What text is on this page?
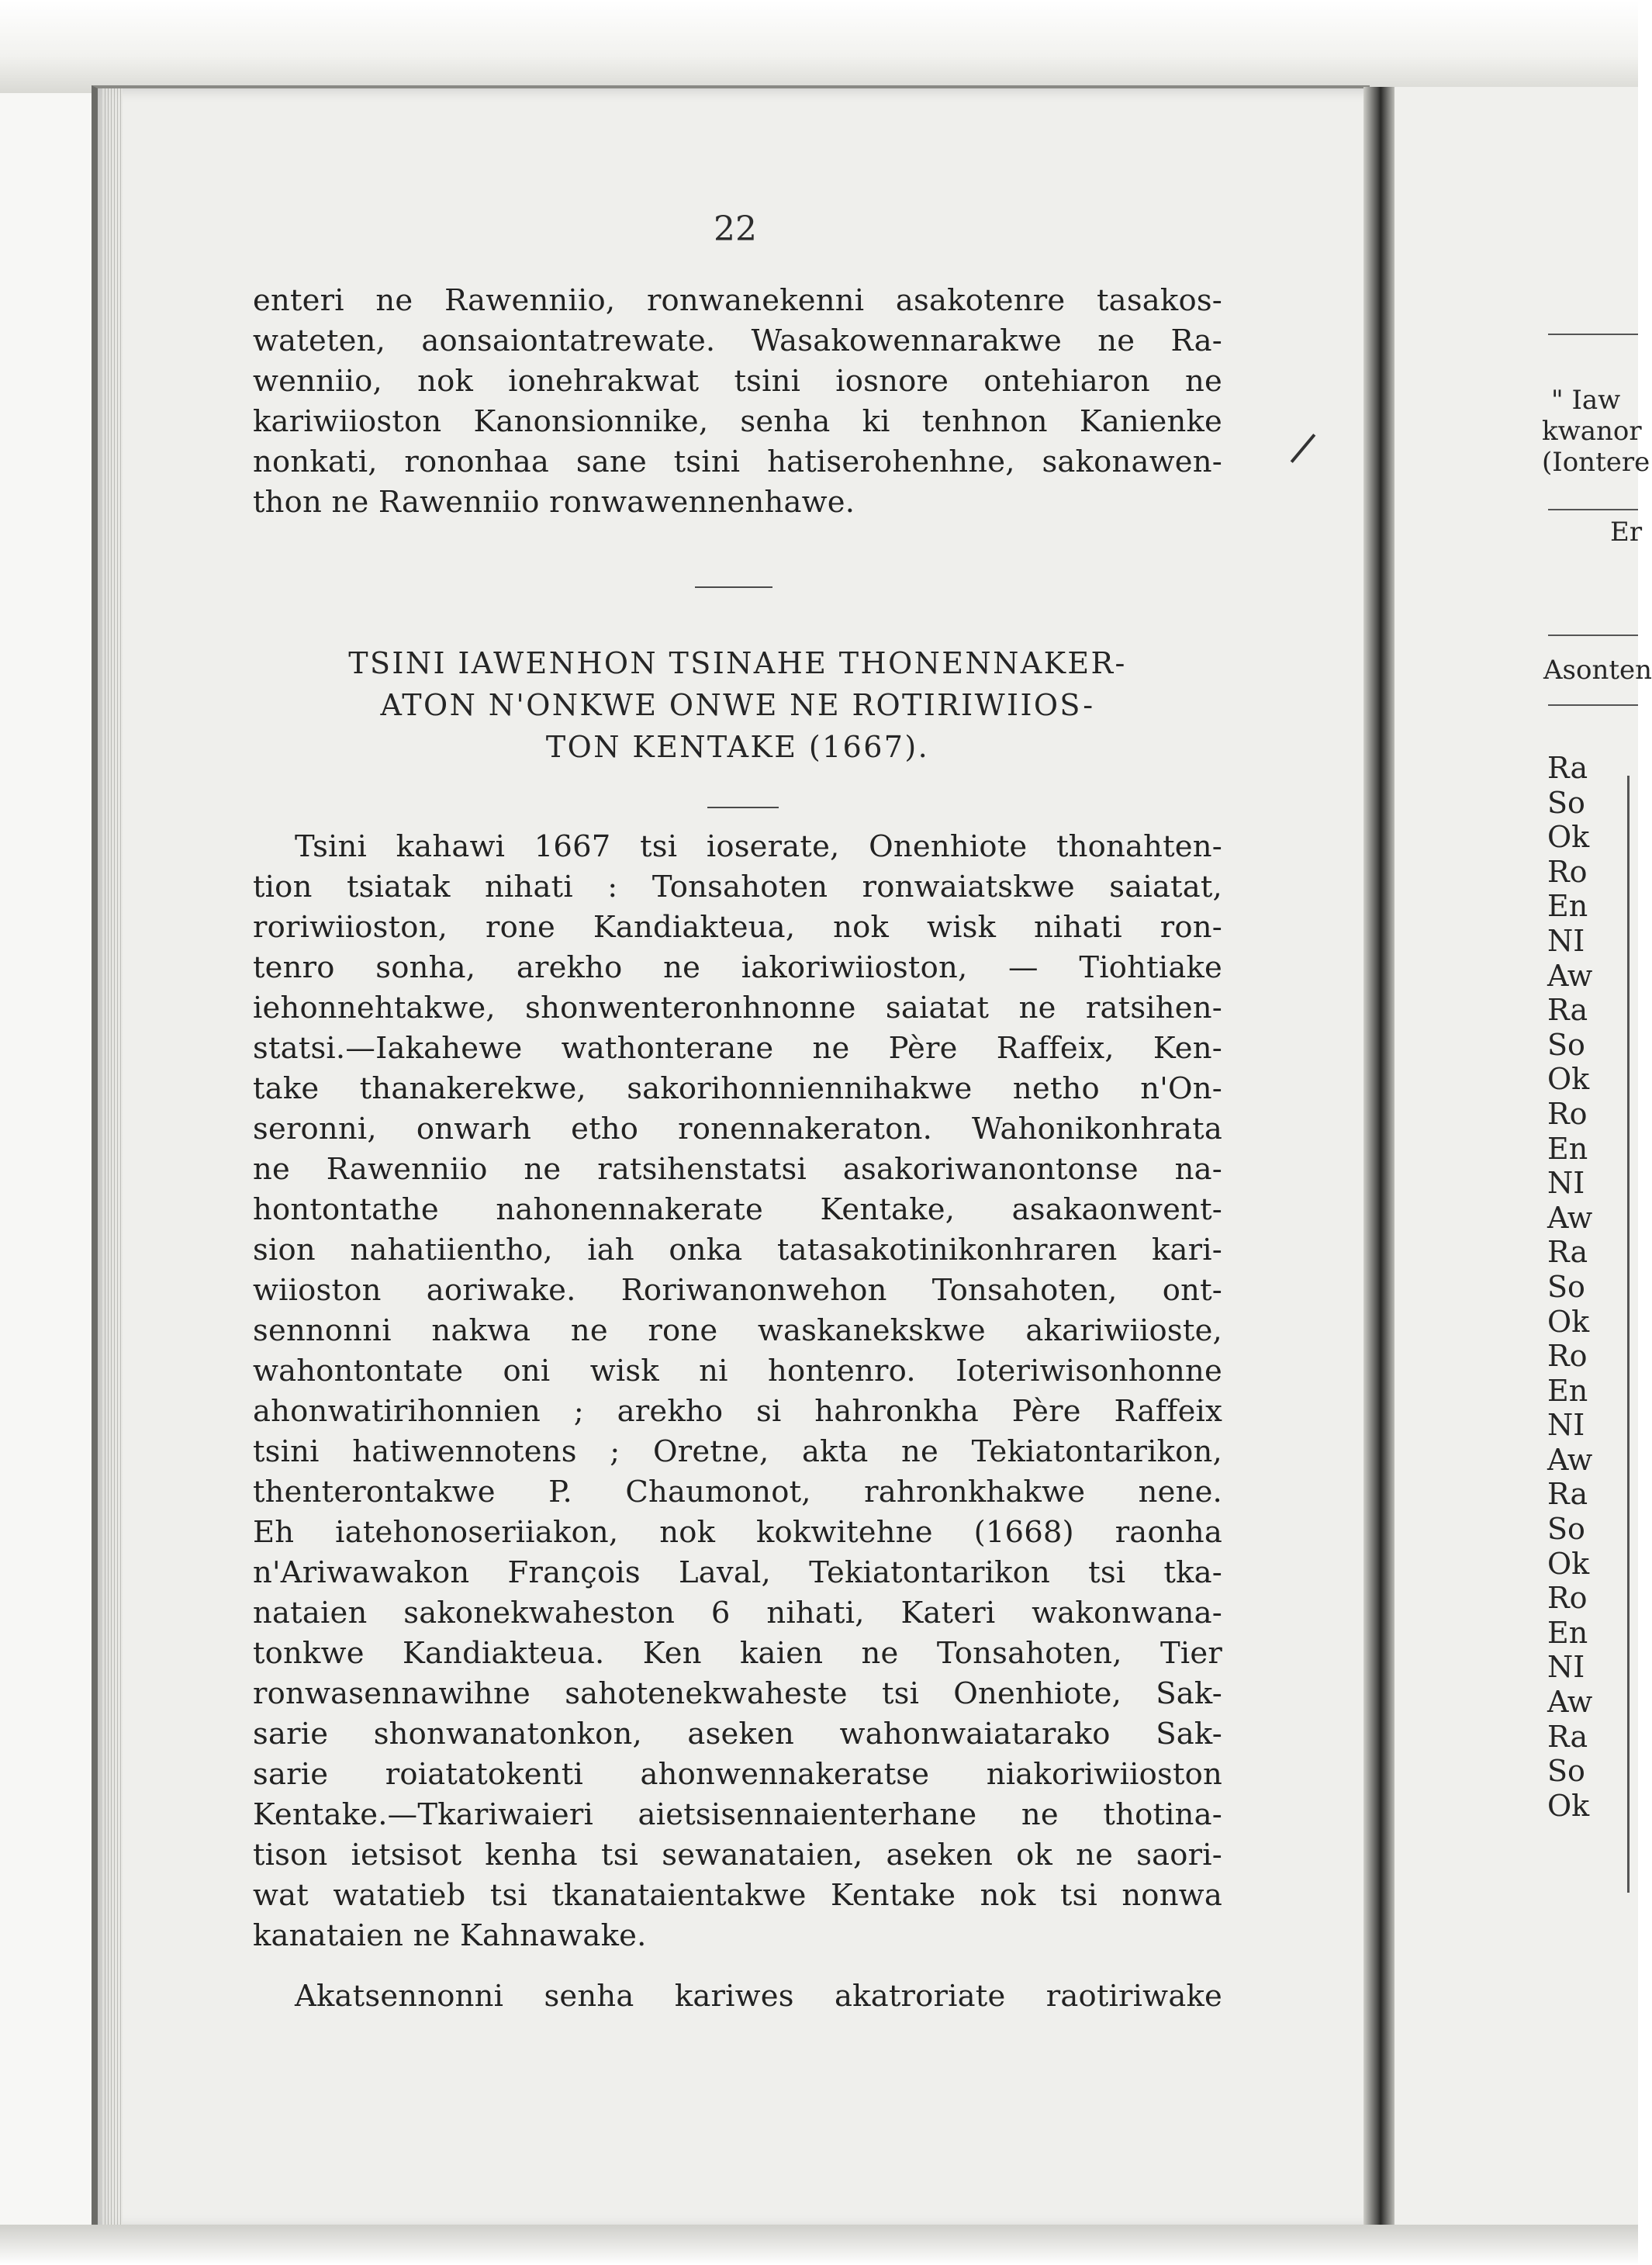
22
enteri ne Rawenniio, ronwanekenni asakotenre tasakos-
wateten, aonsaiontatrewate. Wasakowennarakwe ne Ra-
wenniio, nok ionehrakwat tsini iosnore ontehiaron ne
kariwiioston Kanonsionnike, senha ki tenhnon Kanienke
nonkati, rononhaa sane tsini hatiserohenhne, sakonawen-
thon ne Rawenniio ronwawennenhawe.
TSINI IAWENHON TSINAHE THONENNAKER-
ATON N'ONKWE ONWE NE ROTIRIWIIOS-
TON KENTAKE (1667).
Tsini kahawi 1667 tsi ioserate, Onenhiote thonahten-
tion tsiatak nihati : Tonsahoten ronwaiatskwe saiatat,
roriwiioston, rone Kandiakteua, nok wisk nihati ron-
tenro sonha, arekho ne iakoriwiioston, — Tiohtiake
iehonnehtakwe, shonwenteronhnonne saiatat ne ratsihen-
statsi.—Iakahewe wathonterane ne Père Raffeix, Ken-
take thanakerekwe, sakorihonniennihakwe netho n'On-
seronni, onwarh etho ronennakeraton. Wahonikonhrata
ne Rawenniio ne ratsihenstatsi asakoriwanontonse na-
hontontathe nahonennakerate Kentake, asakaonwent-
sion nahatiientho, iah onka tatasakotinikonhraren kari-
wiioston aoriwake. Roriwanonwehon Tonsahoten, ont-
sennonni nakwa ne rone waskanekskwe akariwiioste,
wahontontate oni wisk ni hontenro. Ioteriwisonhonne
ahonwatirihonnien ; arekho si hahronkha Père Raffeix
tsini hatiwennotens ; Oretne, akta ne Tekiatontarikon,
thenterontakwe P. Chaumonot, rahronkhakwe nene.
Eh iatehonoseriiakon, nok kokwitehne (1668) raonha
n'Ariwawakon François Laval, Tekiatontarikon tsi tka-
nataien sakonekwaheston 6 nihati, Kateri wakonwana-
tonkwe Kandiakteua. Ken kaien ne Tonsahoten, Tier
ronwasennawihne sahotenekwaheste tsi Onenhiote, Sak-
sarie shonwanatonkon, aseken wahonwaiatarako Sak-
sarie roiatatokenti ahonwennakeratse niakoriwiioston
Kentake.—Tkariwaieri aietsisennaienterhane ne thotina-
tison ietsisot kenha tsi sewanataien, aseken ok ne saori-
wat watatieb tsi tkanataientakwe Kentake nok tsi nonwa
kanataien ne Kahnawake.
Akatsennonni senha kariwes akatroriate raotiriwake
" Iaw
kwanor
(Iontere
Er
Asonten
Ra
So
Ok
Ro
En
NI
Aw
Ra
So
Ok
Ro
En
NI
Aw
Ra
So
Ok
Ro
En
NI
Aw
Ra
So
Ok
Ro
En
NI
Aw
Ra
So
Ok
